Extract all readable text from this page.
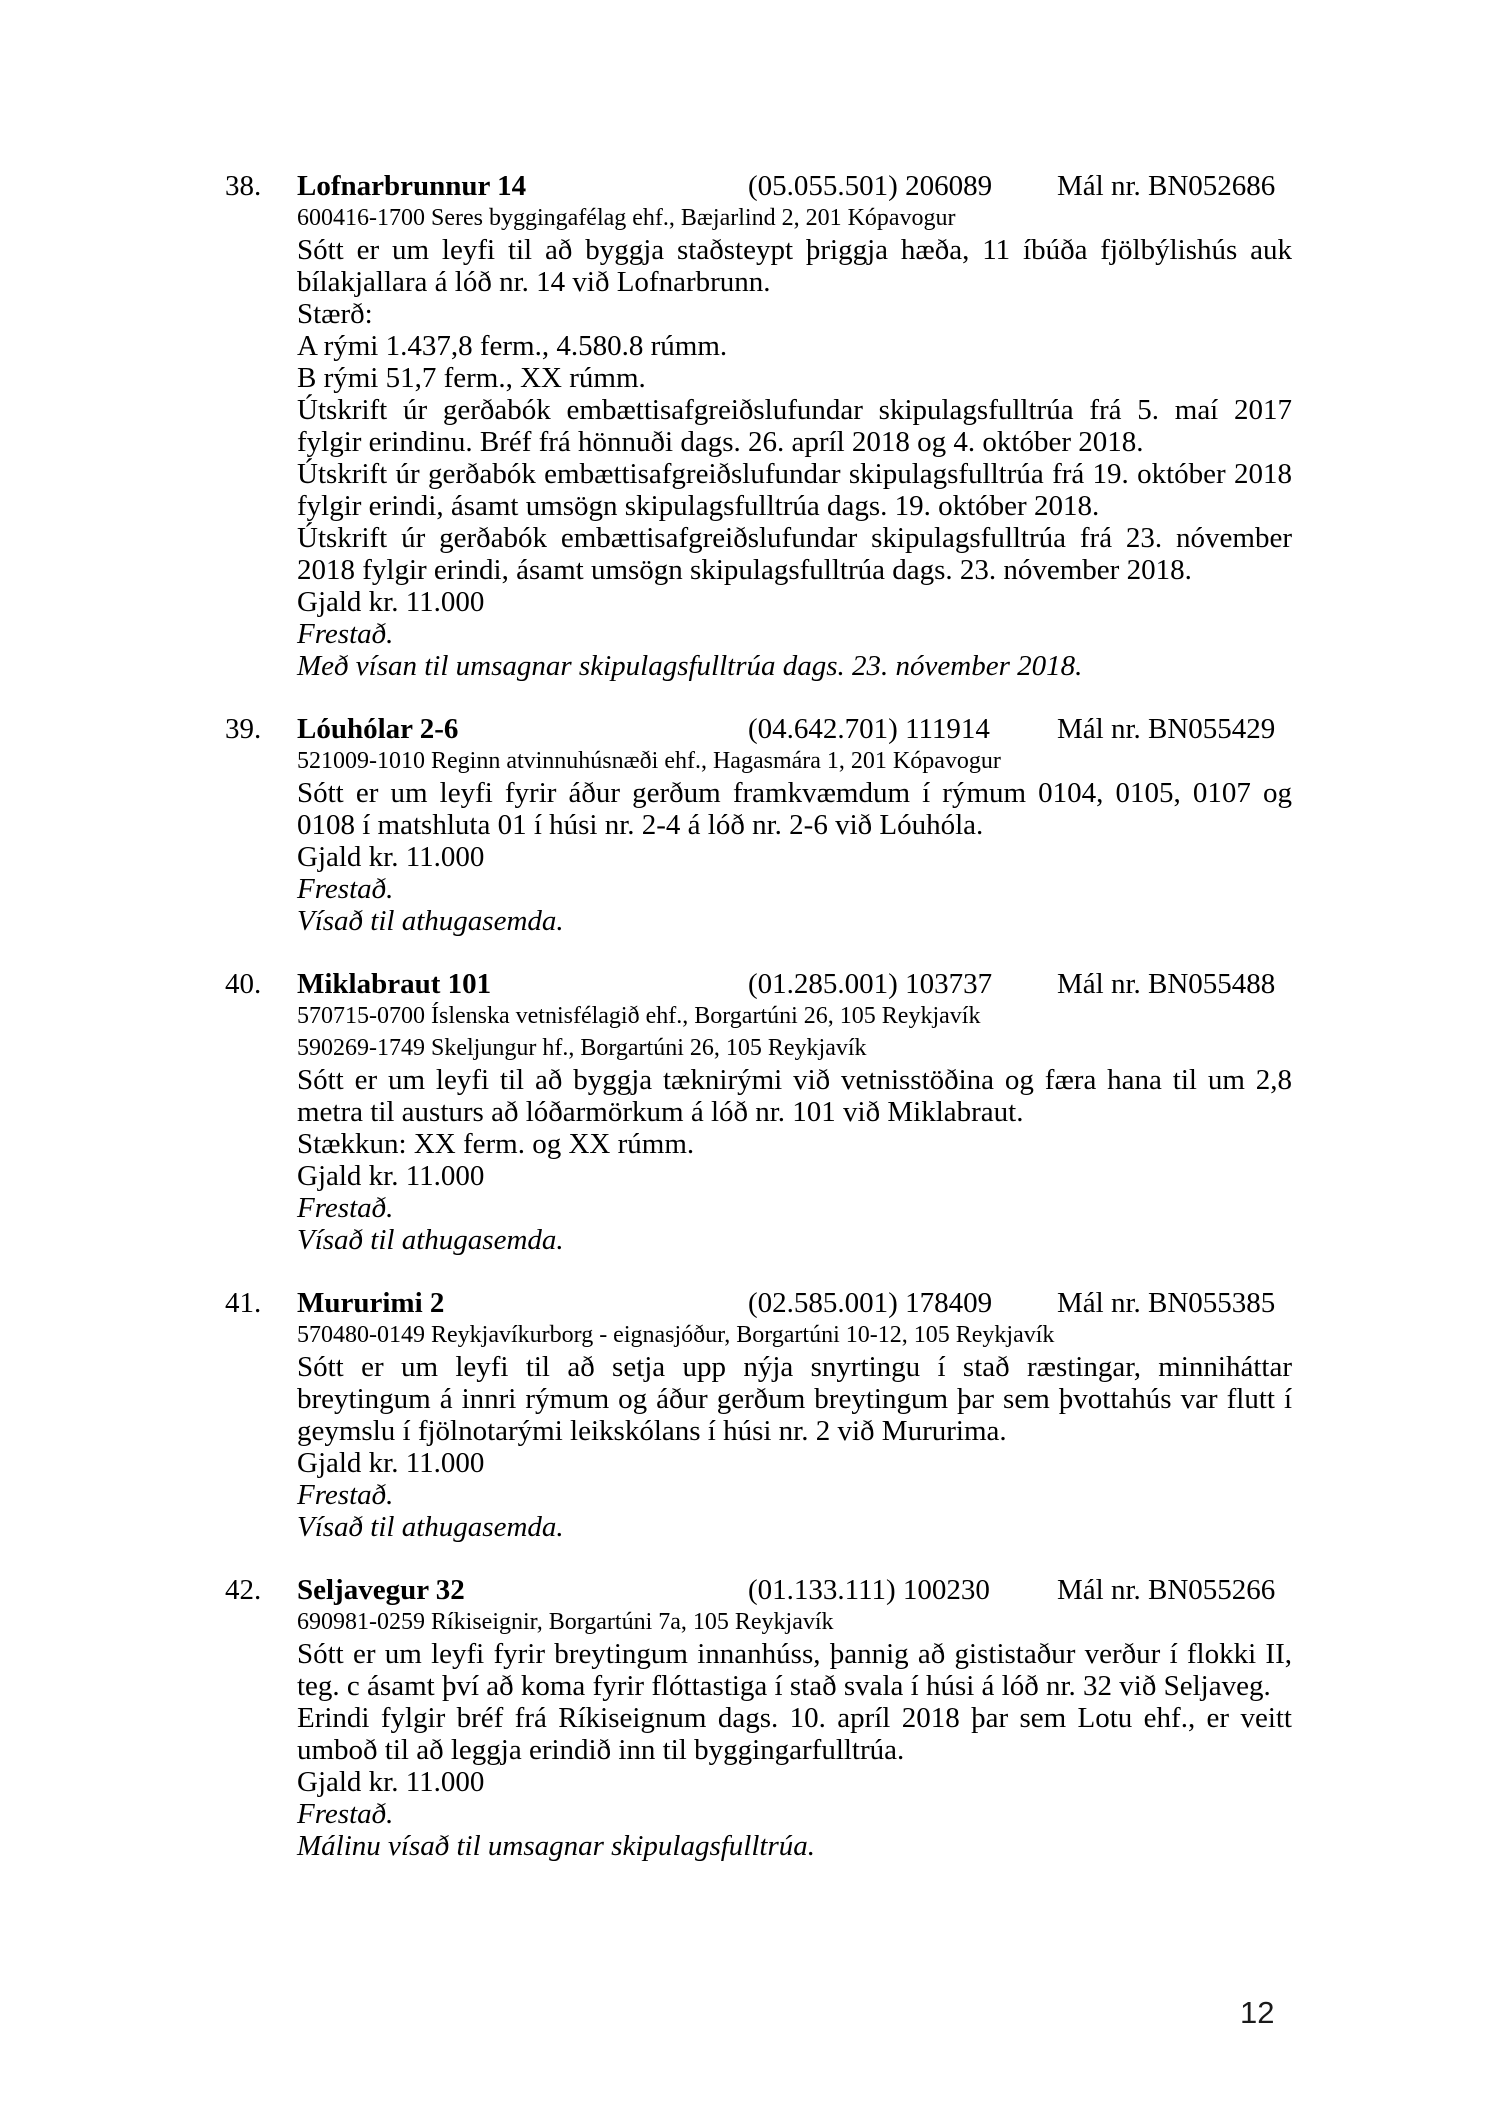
38. Lofnarbrunnur 14	(05.055.501) 206089 Mál nr. BN052686
600416-1700 Seres byggingafélag ehf., Bæjarlind 2, 201 Kópavogur
Sótt er um leyfi til að byggja staðsteypt þriggja hæða, 11 íbúða fjölbýlishús auk bílakjallara á lóð nr. 14 við Lofnarbrunn.
Stærð:
A rými 1.437,8 ferm., 4.580.8 rúmm.
B rými 51,7 ferm., XX rúmm.
Útskrift úr gerðabók embættisafgreiðslufundar skipulagsfulltrúa frá 5. maí 2017 fylgir erindinu. Bréf frá hönnuði dags. 26. apríl 2018 og 4. október 2018.
Útskrift úr gerðabók embættisafgreiðslufundar skipulagsfulltrúa frá 19. október 2018 fylgir erindi, ásamt umsögn skipulagsfulltrúa dags. 19. október 2018.
Útskrift úr gerðabók embættisafgreiðslufundar skipulagsfulltrúa frá 23. nóvember 2018 fylgir erindi, ásamt umsögn skipulagsfulltrúa dags. 23. nóvember 2018.
Gjald kr. 11.000
Frestað.
Með vísan til umsagnar skipulagsfulltrúa dags. 23. nóvember 2018.
39. Lóuhólar 2-6	(04.642.701) 111914 Mál nr. BN055429
521009-1010 Reginn atvinnuhúsnæði ehf., Hagasmára 1, 201 Kópavogur
Sótt er um leyfi fyrir áður gerðum framkvæmdum í rýmum 0104, 0105, 0107 og 0108 í matshluta 01 í húsi nr. 2-4 á lóð nr. 2-6 við Lóuhóla.
Gjald kr. 11.000
Frestað.
Vísað til athugasemda.
40. Miklabraut 101	(01.285.001) 103737 Mál nr. BN055488
570715-0700 Íslenska vetnisfélagið ehf., Borgartúni 26, 105 Reykjavík
590269-1749 Skeljungur hf., Borgartúni 26, 105 Reykjavík
Sótt er um leyfi til að byggja tæknirými við vetnisstöðina og færa hana til um 2,8 metra til austurs að lóðarmörkum á lóð nr. 101 við Miklabraut.
Stækkun: XX ferm. og XX rúmm.
Gjald kr. 11.000
Frestað.
Vísað til athugasemda.
41. Mururimi 2	(02.585.001) 178409 Mál nr. BN055385
570480-0149 Reykjavíkurborg - eignasjóður, Borgartúni 10-12, 105 Reykjavík
Sótt er um leyfi til að setja upp nýja snyrtingu í stað ræstingar, minniháttar breytingum á innri rýmum og áður gerðum breytingum þar sem þvottahús var flutt í geymslu í fjölnotarými leikskólans í húsi nr. 2 við Mururima.
Gjald kr. 11.000
Frestað.
Vísað til athugasemda.
42. Seljavegur 32	(01.133.111) 100230 Mál nr. BN055266
690981-0259 Ríkiseignir, Borgartúni 7a, 105 Reykjavík
Sótt er um leyfi fyrir breytingum innanhúss, þannig að gististaður verður í flokki II, teg. c ásamt því að koma fyrir flóttastiga í stað svala í húsi á lóð nr. 32 við Seljaveg.
Erindi fylgir bréf frá Ríkiseignum dags. 10. apríl 2018 þar sem Lotu ehf., er veitt umboð til að leggja erindið inn til byggingarfulltrúa.
Gjald kr. 11.000
Frestað.
Málinu vísað til umsagnar skipulagsfulltrúa.
12
